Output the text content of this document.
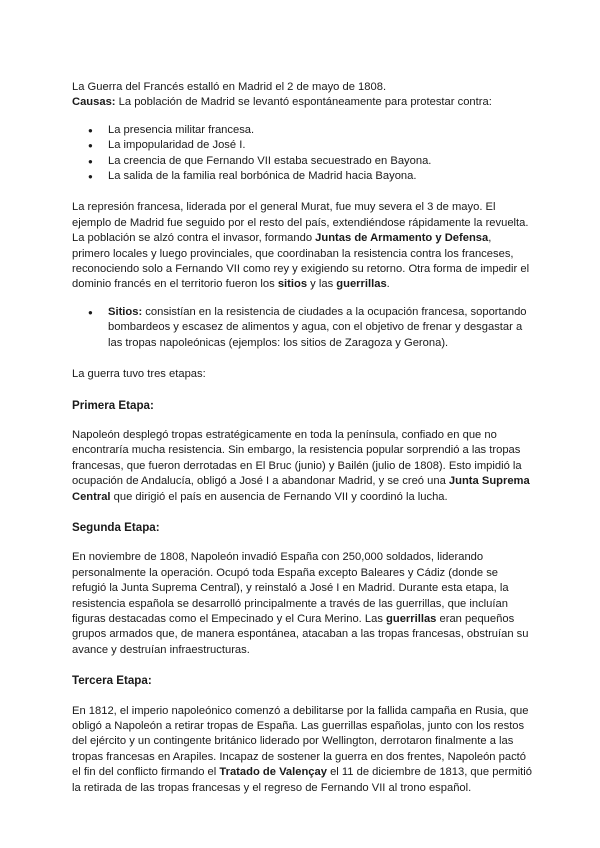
La Guerra del Francés estalló en Madrid el 2 de mayo de 1808.

Causas: La población de Madrid se levantó espontáneamente para protestar contra:

● La presencia militar francesa.
● La impopularidad de José I.
● La creencia de que Fernando VII estaba secuestrado en Bayona.
● La salida de la familia real borbónica de Madrid hacia Bayona.

La represión francesa, liderada por el general Murat, fue muy severa el 3 de mayo. El ejemplo de Madrid fue seguido por el resto del país, extendiéndose rápidamente la revuelta. La población se alzó contra el invasor, formando Juntas de Armamento y Defensa, primero locales y luego provinciales, que coordinaban la resistencia contra los franceses, reconociendo solo a Fernando VII como rey y exigiendo su retorno. Otra forma de impedir el dominio francés en el territorio fueron los sitios y las guerrillas.

● Sitios: consistían en la resistencia de ciudades a la ocupación francesa, soportando bombardeos y escasez de alimentos y agua, con el objetivo de frenar y desgastar a las tropas napoleónicas (ejemplos: los sitios de Zaragoza y Gerona).

La guerra tuvo tres etapas:

Primera Etapa:

Napoleón desplegó tropas estratégicamente en toda la península, confiado en que no encontraría mucha resistencia. Sin embargo, la resistencia popular sorprendió a las tropas francesas, que fueron derrotadas en El Bruc (junio) y Bailén (julio de 1808). Esto impidió la ocupación de Andalucía, obligó a José I a abandonar Madrid, y se creó una Junta Suprema Central que dirigió el país en ausencia de Fernando VII y coordinó la lucha.

Segunda Etapa:

En noviembre de 1808, Napoleón invadió España con 250,000 soldados, liderando personalmente la operación. Ocupó toda España excepto Baleares y Cádiz (donde se refugió la Junta Suprema Central), y reinstaló a José I en Madrid. Durante esta etapa, la resistencia española se desarrolló principalmente a través de las guerrillas, que incluían figuras destacadas como el Empecinado y el Cura Merino. Las guerrillas eran pequeños grupos armados que, de manera espontánea, atacaban a las tropas francesas, obstruían su avance y destruían infraestructuras.

Tercera Etapa:

En 1812, el imperio napoleónico comenzó a debilitarse por la fallida campaña en Rusia, que obligó a Napoleón a retirar tropas de España. Las guerrillas españolas, junto con los restos del ejército y un contingente británico liderado por Wellington, derrotaron finalmente a las tropas francesas en Arapiles. Incapaz de sostener la guerra en dos frentes, Napoleón pactó el fin del conflicto firmando el Tratado de Valençay el 11 de diciembre de 1813, que permitió la retirada de las tropas francesas y el regreso de Fernando VII al trono español.
